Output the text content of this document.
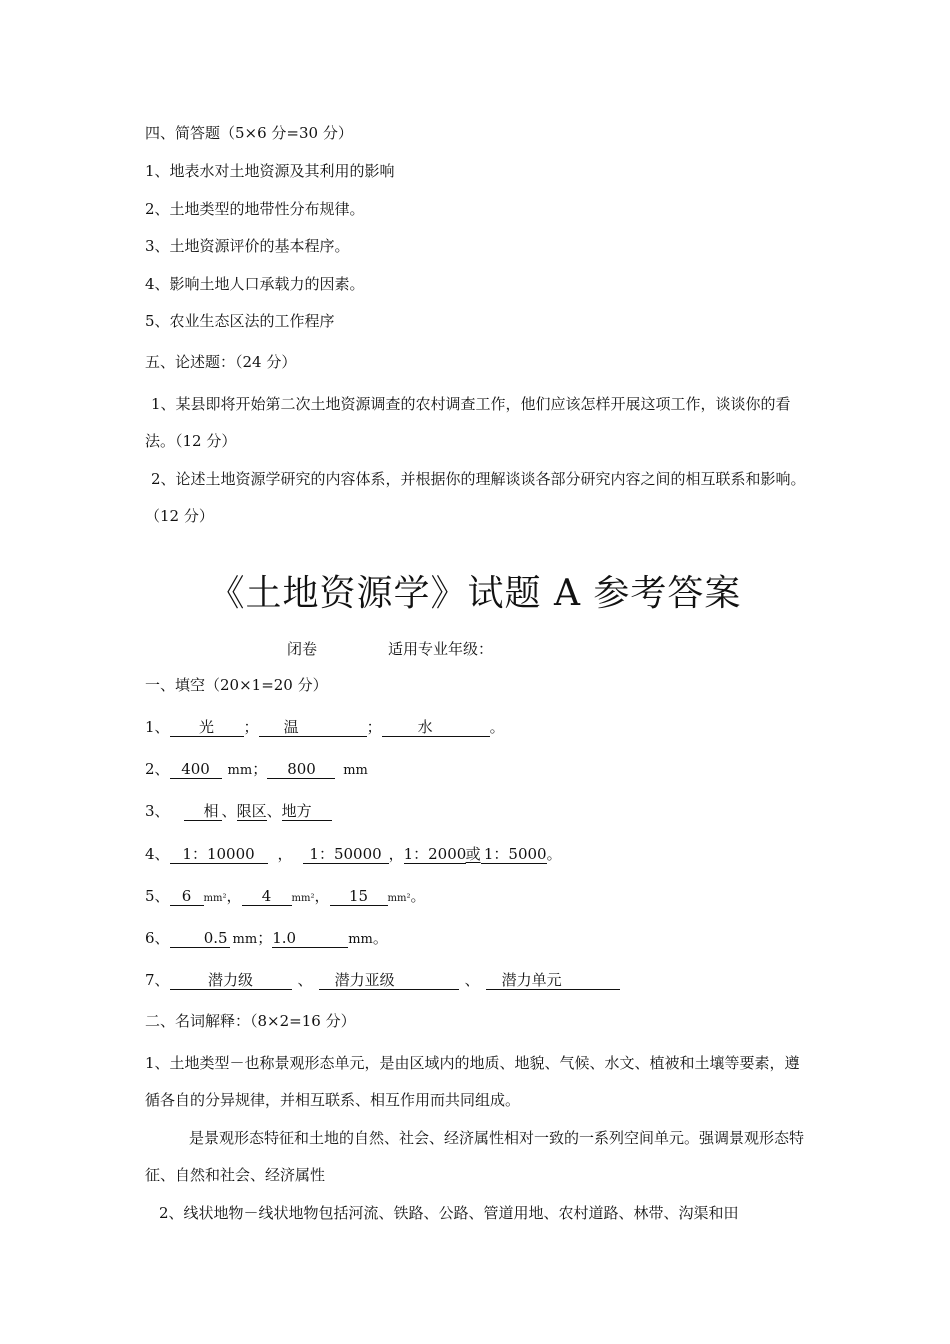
四、简答题（5×6 分=30 分）
1、地表水对土地资源及其利用的影响
2、土地类型的地带性分布规律。
3、土地资源评价的基本程序。
4、影响土地人口承载力的因素。
5、农业生态区法的工作程序
五、论述题：（24 分）
1、某县即将开始第二次土地资源调查的农村调查工作，他们应该怎样开展这项工作，谈谈你的看法。（12 分）
2、论述土地资源学研究的内容体系，并根据你的理解谈谈各部分研究内容之间的相互联系和影响。（12 分）
《土地资源学》试题 A 参考答案
闭卷	适用专业年级：
一、填空（20×1=20 分）
1、 光 ； 温	； 水	。
2、 400 mm； 800 mm
3、 相 、限区、地方
4、 1：10000 ， 1：50000 ，1：2000或 1：5000。
5、 6 mm²， 4 mm²， 15 mm²。
6、 0.5 mm；1.0	mm。
7、	潜力级	、 潜力亚级	、 潜力单元
二、名词解释：（8×2=16 分）
1、土地类型－也称景观形态单元，是由区域内的地质、地貌、气候、水文、植被和土壤等要素，遵循各自的分异规律，并相互联系、相互作用而共同组成。
是景观形态特征和土地的自然、社会、经济属性相对一致的一系列空间单元。强调景观形态特征、自然和社会、经济属性
2、线状地物－线状地物包括河流、铁路、公路、管道用地、农村道路、林带、沟渠和田
